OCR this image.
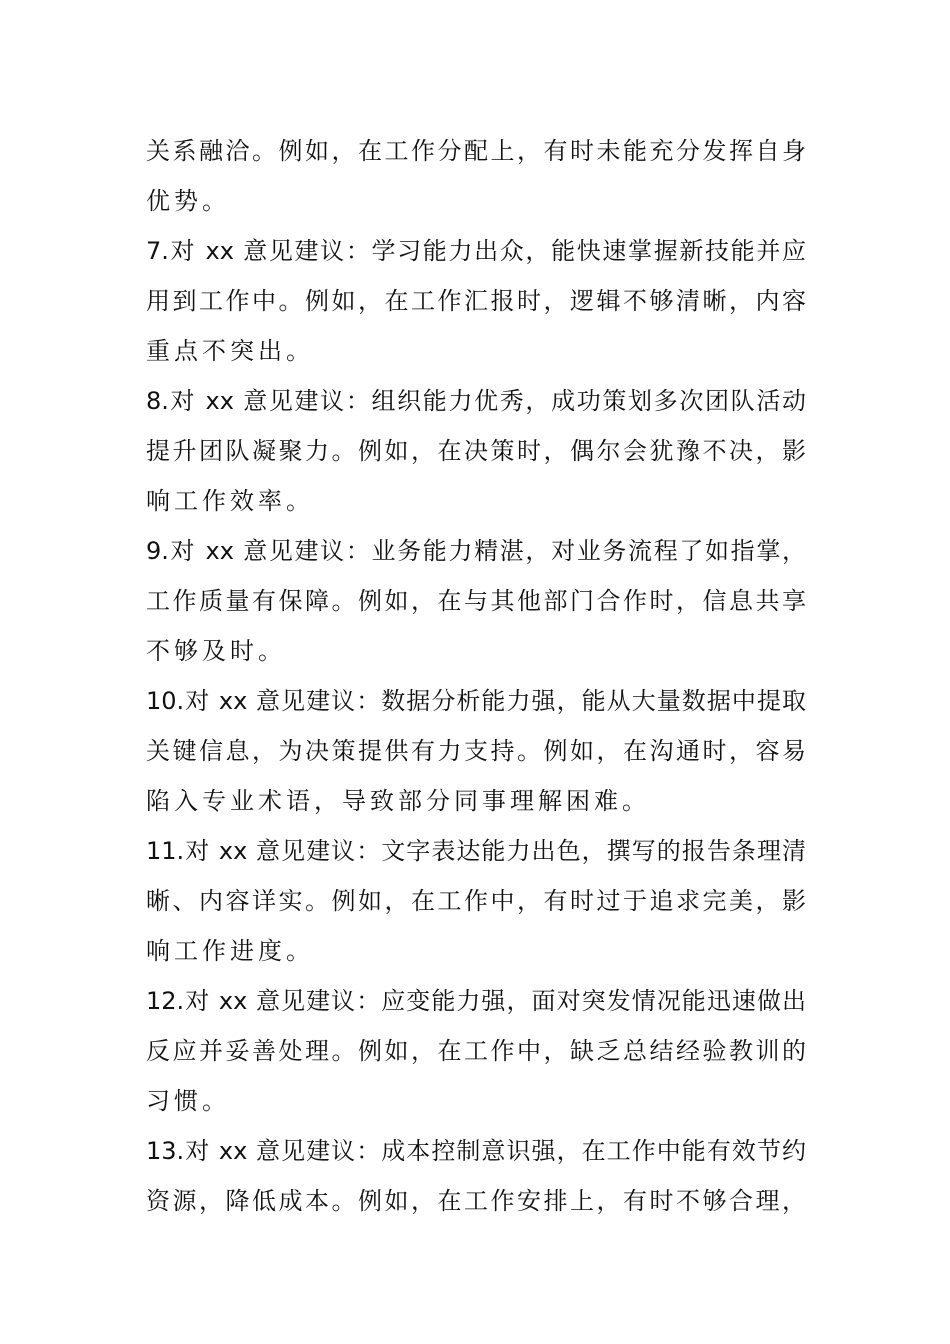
关系融洽。例如，在工作分配上，有时未能充分发挥自身
优势。
7.对 xx 意见建议：学习能力出众，能快速掌握新技能并应
用到工作中。例如，在工作汇报时，逻辑不够清晰，内容
重点不突出。
8.对 xx 意见建议：组织能力优秀，成功策划多次团队活动
提升团队凝聚力。例如，在决策时，偶尔会犹豫不决，影
响工作效率。
9.对 xx 意见建议：业务能力精湛，对业务流程了如指掌，
工作质量有保障。例如，在与其他部门合作时，信息共享
不够及时。
10.对 xx 意见建议：数据分析能力强，能从大量数据中提取
关键信息，为决策提供有力支持。例如，在沟通时，容易
陷入专业术语，导致部分同事理解困难。
11.对 xx 意见建议：文字表达能力出色，撰写的报告条理清
晰、内容详实。例如，在工作中，有时过于追求完美，影
响工作进度。
12.对 xx 意见建议：应变能力强，面对突发情况能迅速做出
反应并妥善处理。例如，在工作中，缺乏总结经验教训的
习惯。
13.对 xx 意见建议：成本控制意识强，在工作中能有效节约
资源，降低成本。例如，在工作安排上，有时不够合理，
